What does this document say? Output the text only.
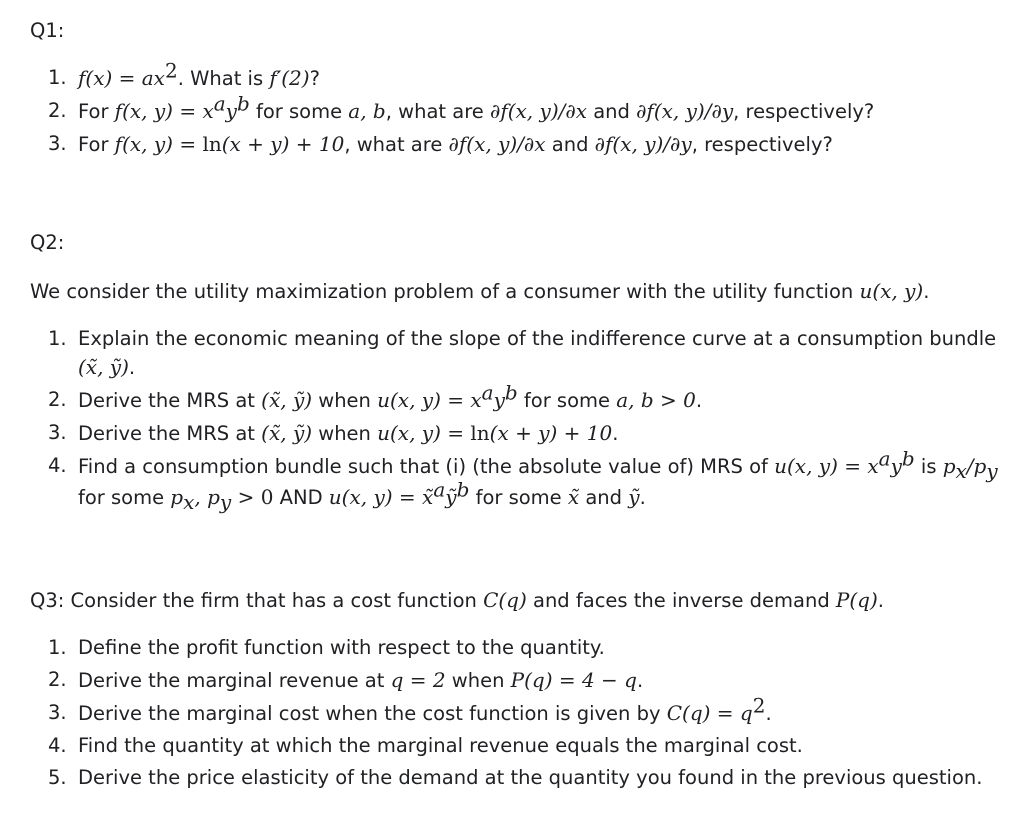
Q1:
1. $f(x) = ax^2$. What is f′(2)?
2. For f(x, $y) = x^ay^b$ for some a, b, what are ∂f(x, y)/∂x and ∂f(x, y)/∂y, respectively?
3. For f(x, y) = ln(x + y) + 10, what are ∂f(x, y)/∂x and ∂f(x, y)/∂y, respectively?
Q2:

We consider the utility maximization problem of a consumer with the utility function u(x, y).

1. Explain the economic meaning of the slope of the indifference curve at a consumption bundle
(x̃, ỹ).
2. Derive the MRS at (x̃, ỹ) when u(x, $y) = x^ay^b$ for some a, b > 0.
3. Derive the MRS at (x̃, ỹ) when u(x, y) = ln(x + y) + 10.
4. Find a consumption bundle such that (i) (the absolute value of) MRS of u(x, $y) = x^ay^b$ is $p_x/p_y$
for some $p_x$, $p_y > 0$ AND u(x, y) = x̃$^a$ỹ$^b$ for some x̃ and ỹ.

Q3: Consider the firm that has a cost function C(q) and faces the inverse demand P(q).

1. Define the profit function with respect to the quantity.
2. Derive the marginal revenue at q = 2 when P(q) = 4 − q.
3. Derive the marginal cost when the cost function is given by $C(q) = q^2$.
4. Find the quantity at which the marginal revenue equals the marginal cost.
5. Derive the price elasticity of the demand at the quantity you found in the previous question.
